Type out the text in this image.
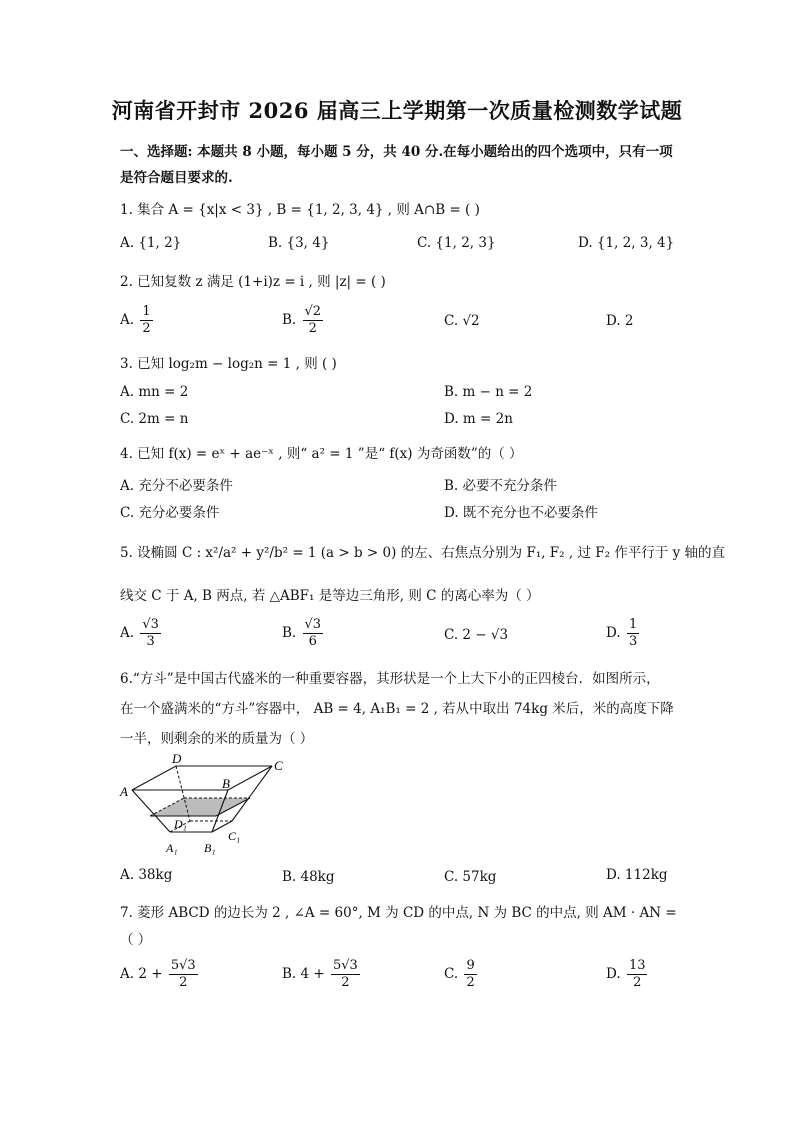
河南省开封市 2026 届高三上学期第一次质量检测数学试题
一、选择题: 本题共 8 小题，每小题 5 分，共 40 分.在每小题给出的四个选项中，只有一项
是符合题目要求的.
1. 集合 A = {x|x < 3} , B = {1, 2, 3, 4} , 则 A∩B = ( )
A. {1, 2}	B. {3, 4}	C. {1, 2, 3}	D. {1, 2, 3, 4}
2. 已知复数 z 满足 (1+i)z = i , 则 |z| = ( )
A. $\frac{1}{2}$	B. $\frac{√2}{2}$	C. √2	D. 2
3. 已知 log₂m − log₂n = 1 , 则 ( )
A. mn = 2	B. m − n = 2
C. 2m = n	D. m = 2n
4. 已知 f(x) = eˣ + ae⁻ˣ , 则“ a² = 1 ”是“ f(x) 为奇函数”的（ ）
A. 充分不必要条件	B. 必要不充分条件
C. 充分必要条件	D. 既不充分也不必要条件
5. 设椭圆 C : x²/a² + y²/b² = 1 (a > b > 0) 的左、右焦点分别为 F₁, F₂ , 过 F₂ 作平行于 y 轴的直
线交 C 于 A, B 两点, 若 △ABF₁ 是等边三角形, 则 C 的离心率为（ ）
A. $\frac{√3}{3}$	B. $\frac{√3}{6}$	C. 2 − √3	D. $\frac{1}{3}$
6.“方斗”是中国古代盛米的一种重要容器，其形状是一个上大下小的正四棱台．如图所示，
在一个盛满米的“方斗”容器中， AB = 4, A₁B₁ = 2 , 若从中取出 74kg 米后，米的高度下降
一半，则剩余的米的质量为（ ）
D	C
A
B
D₁
C₁
A₁ B₁
A. 38kg	B. 48kg	C. 57kg	D. 112kg
7. 菱形 ABCD 的边长为 2 , ∠A = 60°, M 为 CD 的中点, N 为 BC 的中点, 则 AM · AN =
（ ）
A. $2 + \frac{5√3}{2}$	B. $4 + \frac{5√3}{2}$	C. $\frac{9}{2}$	D. $\frac{13}{2}$
